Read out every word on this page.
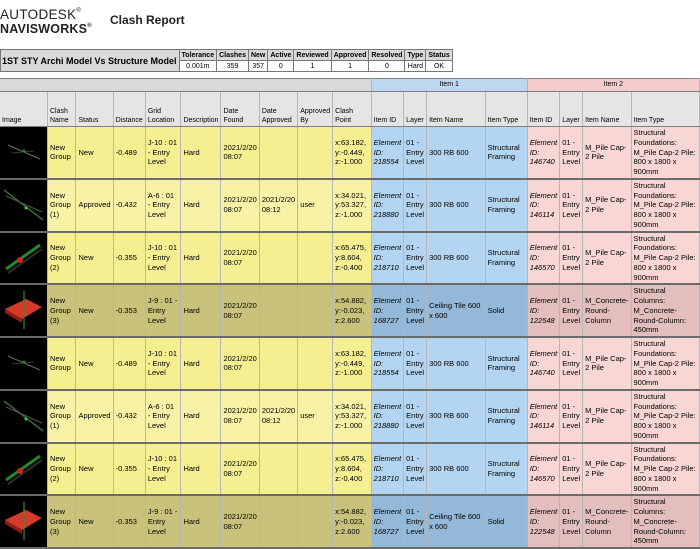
AUTODESK®
NAVISWORKS® Clash Report
1ST STY Archi Model Vs Structure Model	Tolerance	Clashes	New	Active	Reviewed	Approved	Resolved	Type	Status
	0.001m	359	357	0	1	1	0	Hard	OK
										Item 1				Item 2			
Image	Clash Name	Status	Distance	Grid Location	Description	Date Found	Date Approved	Approved By	Clash Point	Item ID	Layer	Item Name	Item Type	Item ID	Layer	Item Name	Item Type
	New Group	New	-0.489	J-10 : 01 - Entry Level	Hard	2021/2/20 08:07			x:63.182, y:-0.449, z:-1.000	Element ID: 218554	01 - Entry Level	300 RB 600	Structural Framing	Element ID: 146740	01 - Entry Level	M_Pile Cap-2 Pile	Structural Foundations: M_Pile Cap-2 Pile: 800 x 1800 x 900mm
	New Group (1)	Approved	-0.432	A-6 : 01 - Entry Level	Hard	2021/2/20 08:07	2021/2/20 08:12	user	x:34.021, y:53.327, z:-1.000	Element ID: 218880	01 - Entry Level	300 RB 600	Structural Framing	Element ID: 146114	01 - Entry Level	M_Pile Cap-2 Pile	Structural Foundations: M_Pile Cap-2 Pile: 800 x 1800 x 900mm
	New Group (2)	New	-0.355	J-10 : 01 - Entry Level	Hard	2021/2/20 08:07			x:65.475, y:8.604, z:-0.400	Element ID: 218710	01 - Entry Level	300 RB 600	Structural Framing	Element ID: 146570	01 - Entry Level	M_Pile Cap-2 Pile	Structural Foundations: M_Pile Cap-2 Pile: 800 x 1800 x 900mm
	New Group (3)	New	-0.353	J-9 : 01 - Entry Level	Hard	2021/2/20 08:07			x:54.882, y:-0.023, z:2.600	Element ID: 168727	01 - Entry Level	Ceiling Tile 600 x 600	Solid	Element ID: 122548	01 - Entry Level	M_Concrete-Round-Column	Structural Columns: M_Concrete-Round-Column: 450mm
	New Group	New	-0.489	J-10 : 01 - Entry Level	Hard	2021/2/20 08:07			x:63.182, y:-0.449, z:-1.000	Element ID: 218554	01 - Entry Level	300 RB 600	Structural Framing	Element ID: 146740	01 - Entry Level	M_Pile Cap-2 Pile	Structural Foundations: M_Pile Cap-2 Pile: 800 x 1800 x 900mm
	New Group (1)	Approved	-0.432	A-6 : 01 - Entry Level	Hard	2021/2/20 08:07	2021/2/20 08:12	user	x:34.021, y:53.327, z:-1.000	Element ID: 218880	01 - Entry Level	300 RB 600	Structural Framing	Element ID: 146114	01 - Entry Level	M_Pile Cap-2 Pile	Structural Foundations: M_Pile Cap-2 Pile: 800 x 1800 x 900mm
	New Group (2)	New	-0.355	J-10 : 01 - Entry Level	Hard	2021/2/20 08:07			x:65.475, y:8.604, z:-0.400	Element ID: 218710	01 - Entry Level	300 RB 600	Structural Framing	Element ID: 146570	01 - Entry Level	M_Pile Cap-2 Pile	Structural Foundations: M_Pile Cap-2 Pile: 800 x 1800 x 900mm
	New Group (3)	New	-0.353	J-9 : 01 - Entry Level	Hard	2021/2/20 08:07			x:54.882, y:-0.023, z:2.600	Element ID: 168727	01 - Entry Level	Ceiling Tile 600 x 600	Solid	Element ID: 122548	01 - Entry Level	M_Concrete-Round-Column	Structural Columns: M_Concrete-Round-Column: 450mm
